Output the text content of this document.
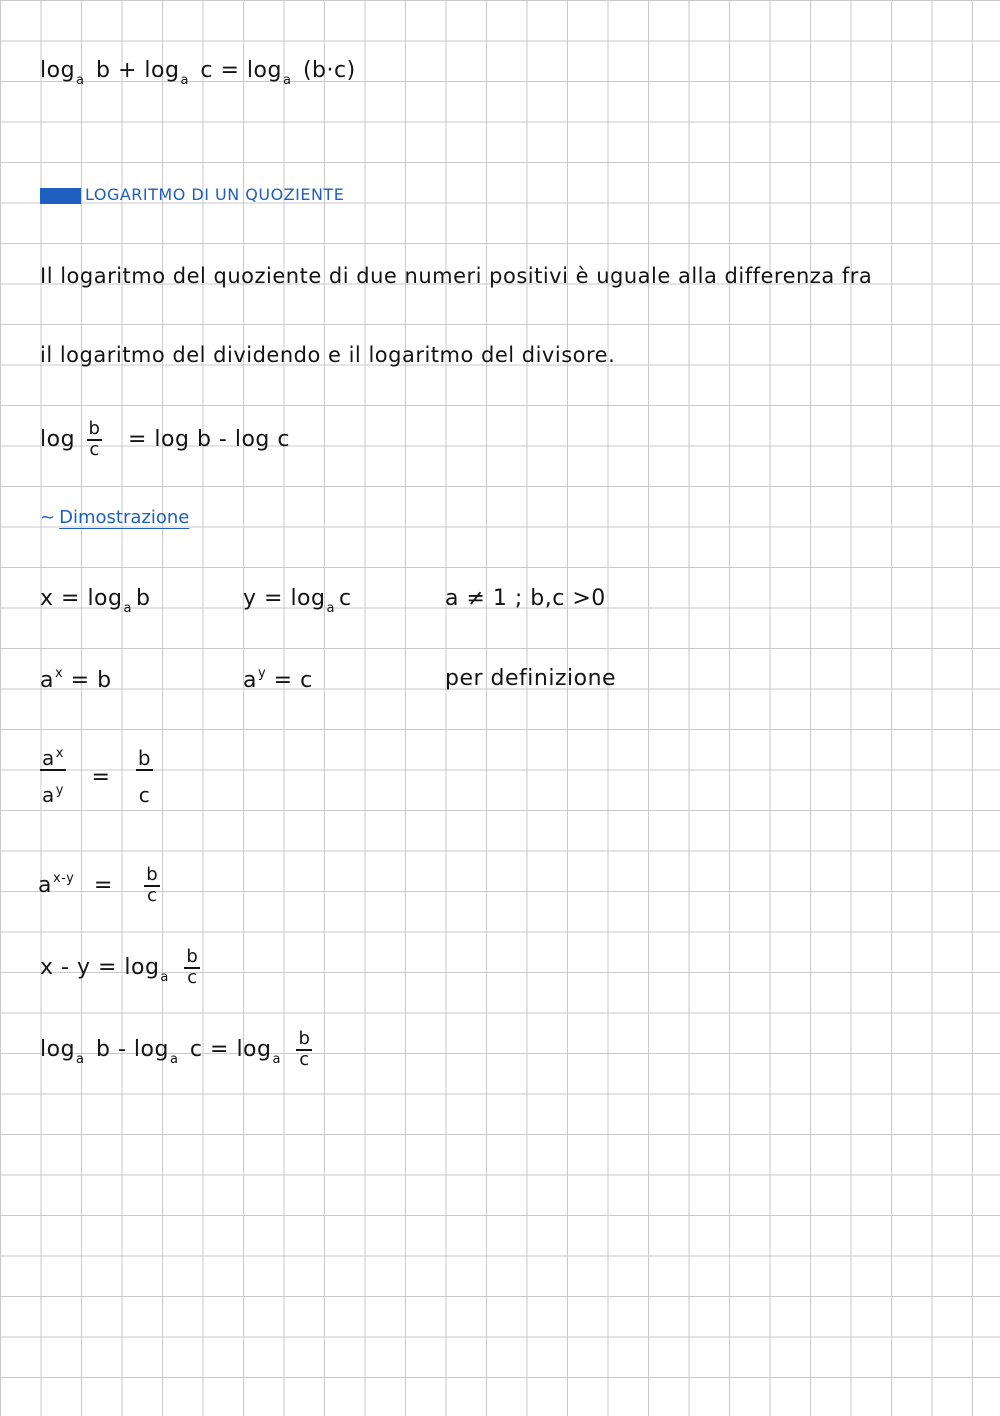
$\log_a b + \log_a c = \log_a (b\cdot c)$
LOGARITMO DI UN QUOZIENTE
Il logaritmo del quoziente di due numeri positivi è uguale alla differenza fra
il logaritmo del dividendo e il logaritmo del divisore.
$\log \frac{b}{c} = \log b - \log c$
~ Dimostrazione
$x = \log_a b$	$y = \log_a c$	a ≠ 1 ; b,c >0
$a^x = b$	$a^y = c$	per definizione
$\frac{a^x}{a^y} = \frac{b}{c}$
$a^{x-y} = \frac{b}{c}$
$x - y = \log_a \frac{b}{c}$
$\log_a b - \log_a c = \log_a \frac{b}{c}$
